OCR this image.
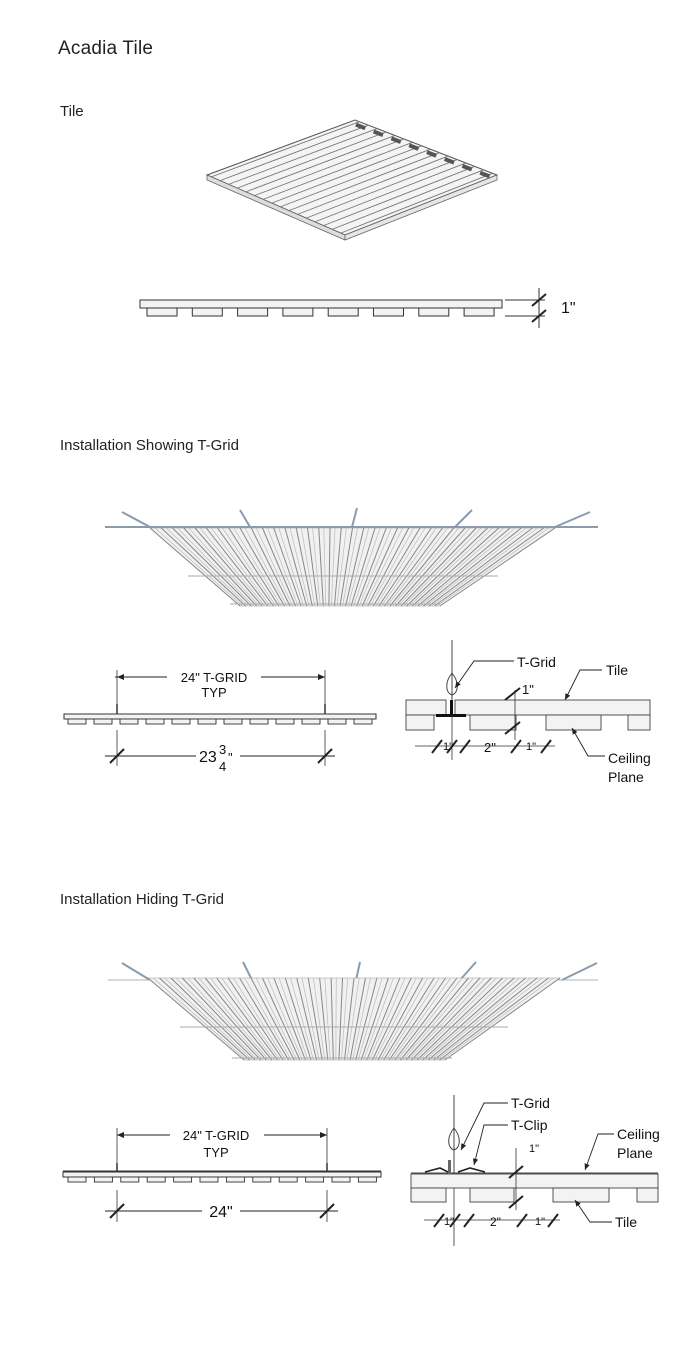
Acadia Tile
Tile
Installation Showing T-Grid
Installation Hiding T-Grid
1"
24" T-GRID
TYP
23 3
4
"
T-Grid	Tile
Ceiling
Plane
1"
1" 2"	1"
24" T-GRID
TYP
24"
T-Grid
T-Clip
Ceiling
Plane
Tile
1"
1"	2"	1"
